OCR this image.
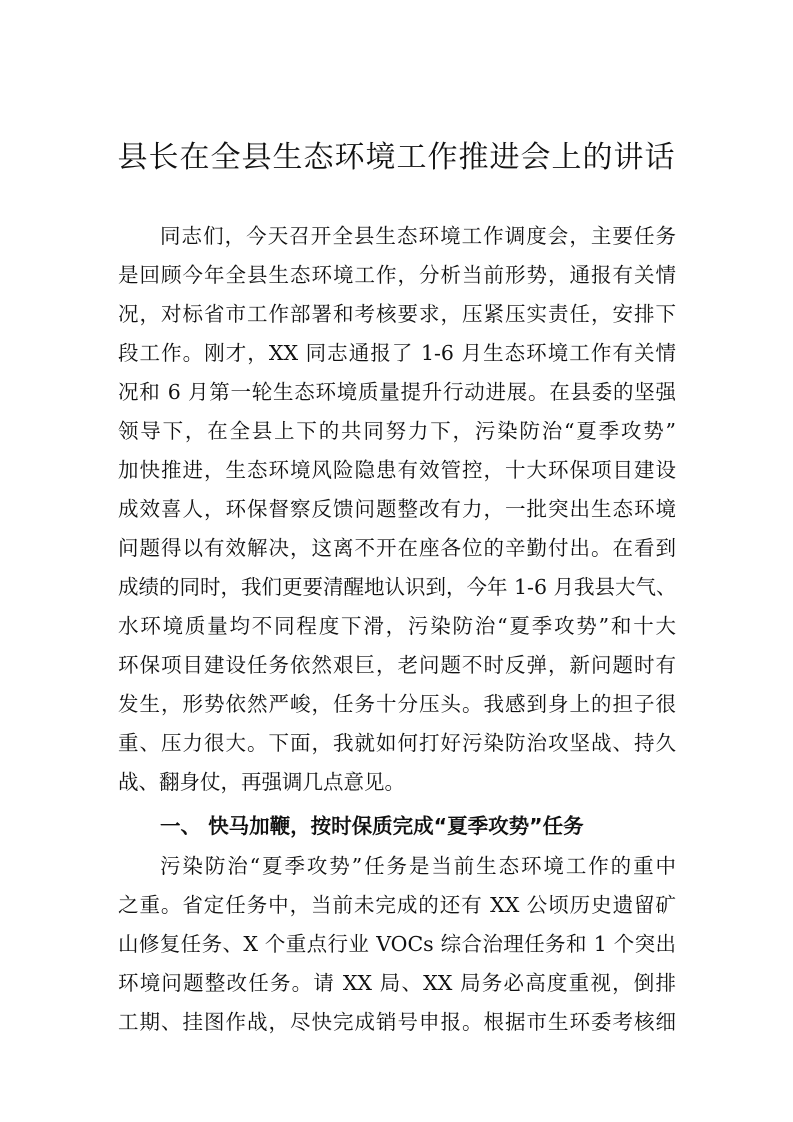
县长在全县生态环境工作推进会上的讲话
同志们，今天召开全县生态环境工作调度会，主要任务
是回顾今年全县生态环境工作，分析当前形势，通报有关情
况，对标省市工作部署和考核要求，压紧压实责任，安排下
段工作。刚才，XX 同志通报了 1-6 月生态环境工作有关情
况和 6 月第一轮生态环境质量提升行动进展。在县委的坚强
领导下，在全县上下的共同努力下，污染防治“夏季攻势”
加快推进，生态环境风险隐患有效管控，十大环保项目建设
成效喜人，环保督察反馈问题整改有力，一批突出生态环境
问题得以有效解决，这离不开在座各位的辛勤付出。在看到
成绩的同时，我们更要清醒地认识到，今年 1-6 月我县大气、
水环境质量均不同程度下滑，污染防治“夏季攻势”和十大
环保项目建设任务依然艰巨，老问题不时反弹，新问题时有
发生，形势依然严峻，任务十分压头。我感到身上的担子很
重、压力很大。下面，我就如何打好污染防治攻坚战、持久
战、翻身仗，再强调几点意见。
一、 快马加鞭，按时保质完成“夏季攻势”任务
污染防治“夏季攻势”任务是当前生态环境工作的重中
之重。省定任务中，当前未完成的还有 XX 公顷历史遗留矿
山修复任务、X 个重点行业 VOCs 综合治理任务和 1 个突出
环境问题整改任务。请 XX 局、XX 局务必高度重视，倒排
工期、挂图作战，尽快完成销号申报。根据市生环委考核细
